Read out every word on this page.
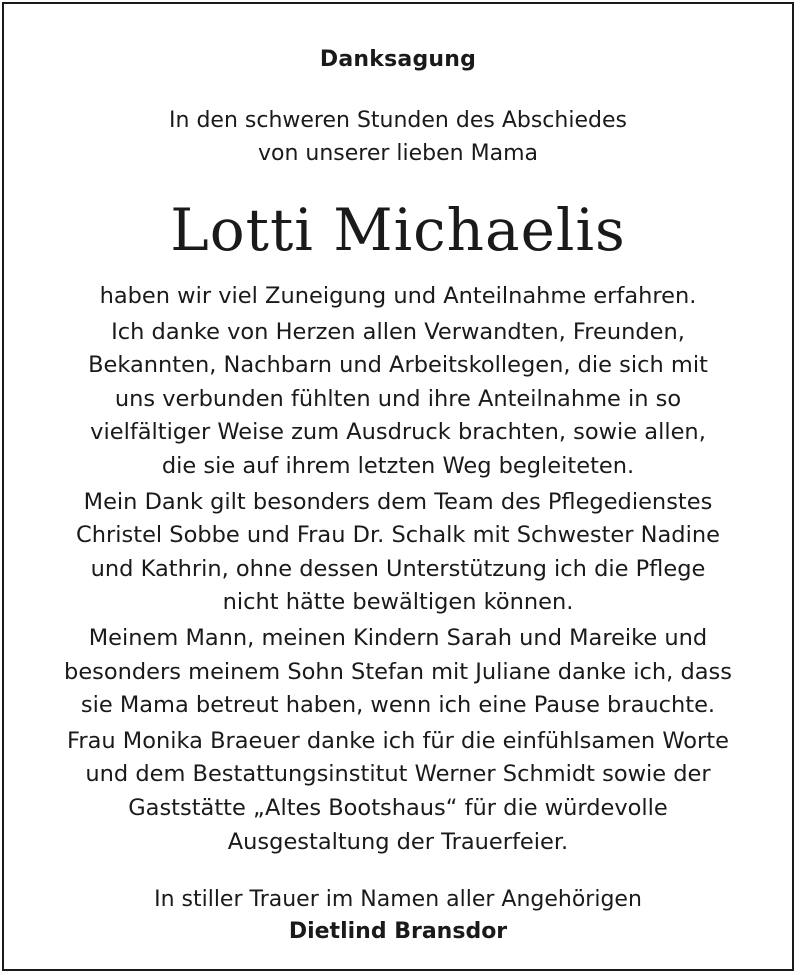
Danksagung
In den schweren Stunden des Abschiedes
von unserer lieben Mama
Lotti Michaelis
haben wir viel Zuneigung und Anteilnahme erfahren.
Ich danke von Herzen allen Verwandten, Freunden,
Bekannten, Nachbarn und Arbeitskollegen, die sich mit
uns verbunden fühlten und ihre Anteilnahme in so
vielfältiger Weise zum Ausdruck brachten, sowie allen,
die sie auf ihrem letzten Weg begleiteten.
Mein Dank gilt besonders dem Team des Pflegedienstes
Christel Sobbe und Frau Dr. Schalk mit Schwester Nadine
und Kathrin, ohne dessen Unterstützung ich die Pflege
nicht hätte bewältigen können.
Meinem Mann, meinen Kindern Sarah und Mareike und
besonders meinem Sohn Stefan mit Juliane danke ich, dass
sie Mama betreut haben, wenn ich eine Pause brauchte.
Frau Monika Braeuer danke ich für die einfühlsamen Worte
und dem Bestattungsinstitut Werner Schmidt sowie der
Gaststätte „Altes Bootshaus“ für die würdevolle
Ausgestaltung der Trauerfeier.
In stiller Trauer im Namen aller Angehörigen
Dietlind Bransdor
